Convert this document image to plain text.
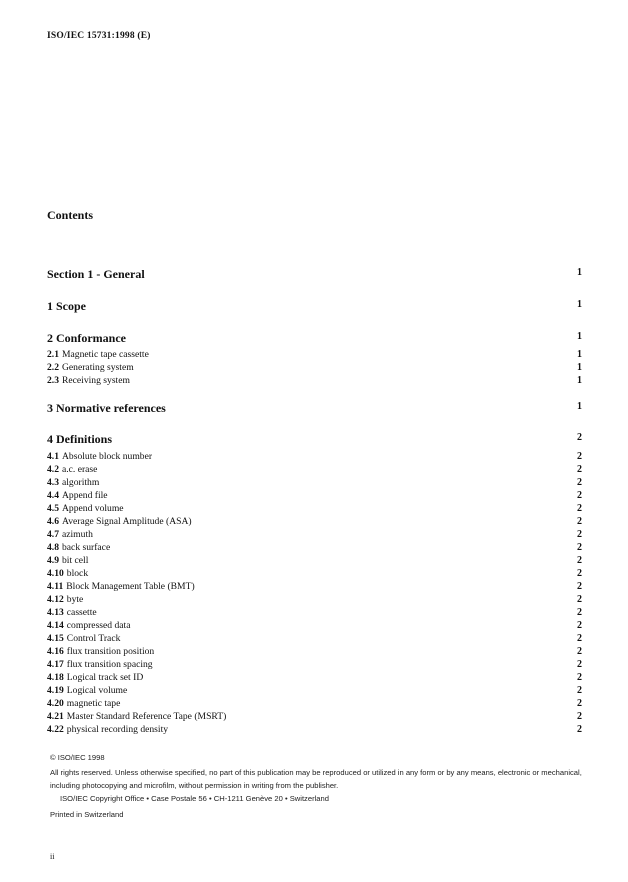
ISO/IEC 15731:1998 (E)
Contents
Section 1 - General	1
1 Scope	1
2 Conformance	1
2.1 Magnetic tape cassette	1
2.2 Generating system	1
2.3 Receiving system	1
3 Normative references	1
4 Definitions	2
4.1 Absolute block number	2
4.2 a.c. erase	2
4.3 algorithm	2
4.4 Append file	2
4.5 Append volume	2
4.6 Average Signal Amplitude (ASA)	2
4.7 azimuth	2
4.8 back surface	2
4.9 bit cell	2
4.10 block	2
4.11 Block Management Table (BMT)	2
4.12 byte	2
4.13 cassette	2
4.14 compressed data	2
4.15 Control Track	2
4.16 flux transition position	2
4.17 flux transition spacing	2
4.18 Logical track set ID	2
4.19 Logical volume	2
4.20 magnetic tape	2
4.21 Master Standard Reference Tape (MSRT)	2
4.22 physical recording density	2
© ISO/IEC 1998
All rights reserved. Unless otherwise specified, no part of this publication may be reproduced or utilized in any form or by any means, electronic or mechanical, including photocopying and microfilm, without permission in writing from the publisher.
ISO/IEC Copyright Office • Case Postale 56 • CH-1211 Genève 20 • Switzerland
Printed in Switzerland
ii
